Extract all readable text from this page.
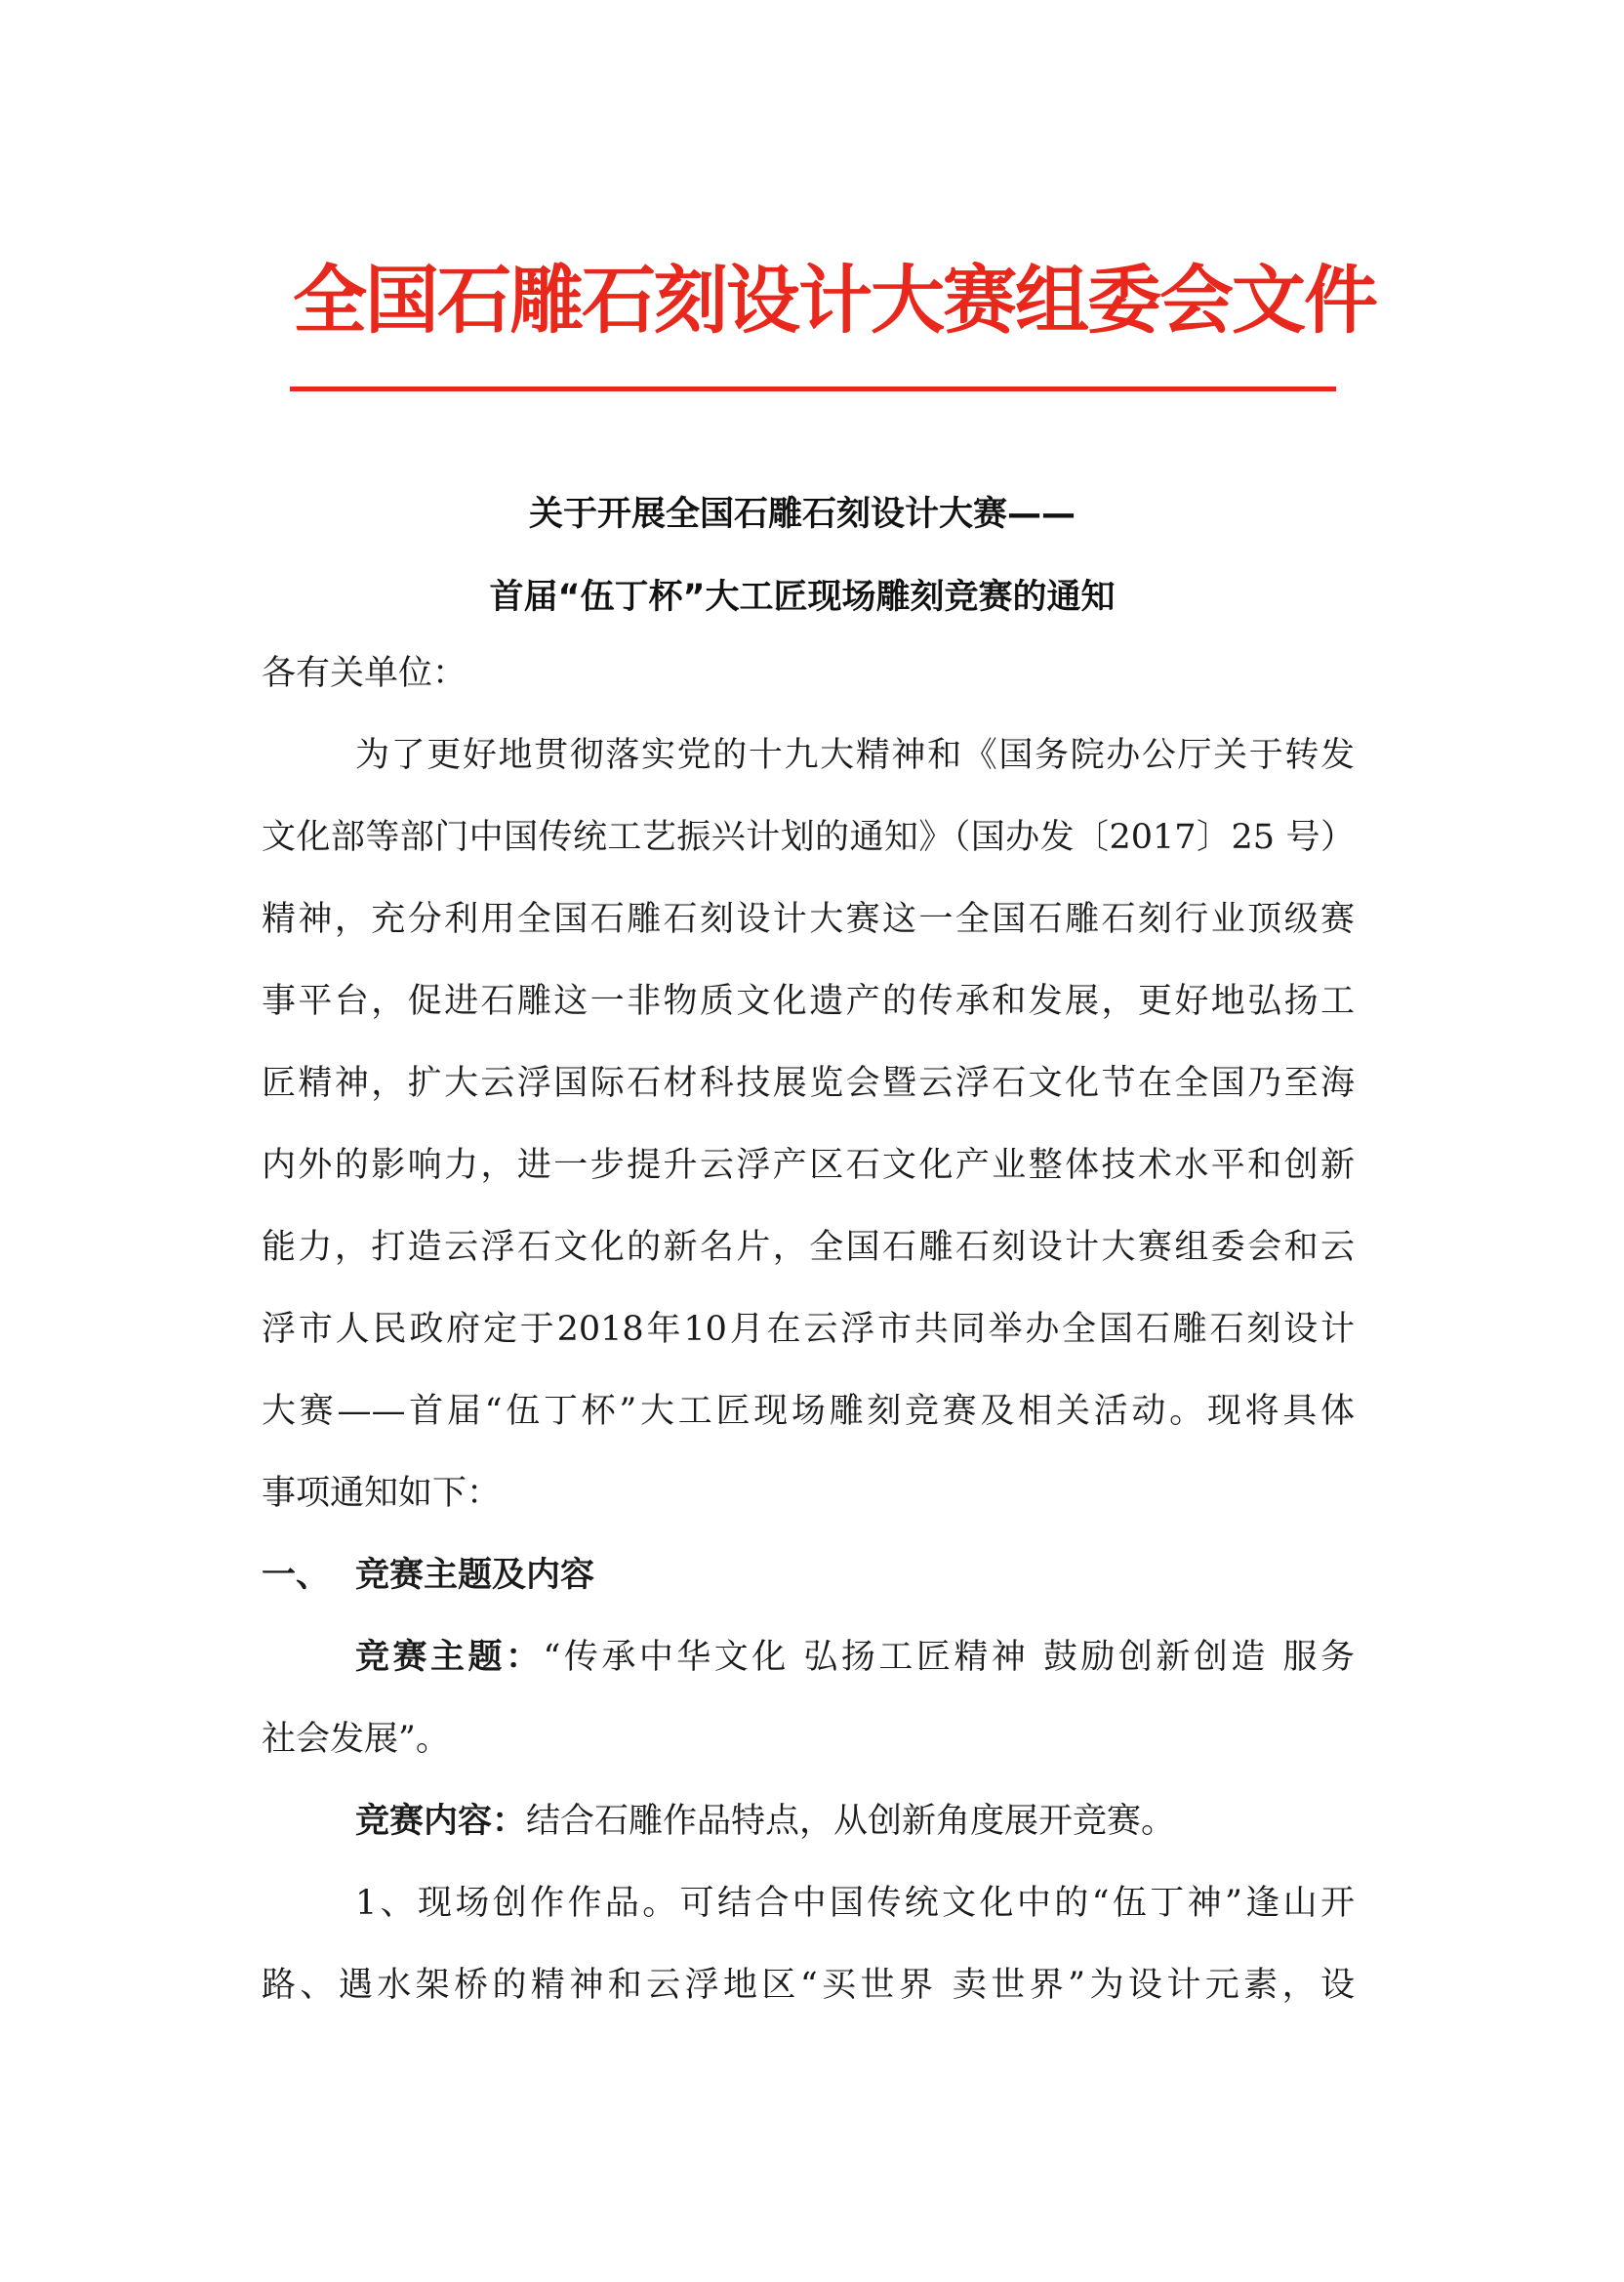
全国石雕石刻设计大赛组委会文件
关于开展全国石雕石刻设计大赛——
首届“伍丁杯”大工匠现场雕刻竞赛的通知
各有关单位：
为了更好地贯彻落实党的十九大精神和《国务院办公厅关于转发
文化部等部门中国传统工艺振兴计划的通知》（国办发〔2017〕25 号）
精神，充分利用全国石雕石刻设计大赛这一全国石雕石刻行业顶级赛
事平台，促进石雕这一非物质文化遗产的传承和发展，更好地弘扬工
匠精神，扩大云浮国际石材科技展览会暨云浮石文化节在全国乃至海
内外的影响力，进一步提升云浮产区石文化产业整体技术水平和创新
能力，打造云浮石文化的新名片，全国石雕石刻设计大赛组委会和云
浮市人民政府定于2018年10月在云浮市共同举办全国石雕石刻设计
大赛——首届“伍丁杯”大工匠现场雕刻竞赛及相关活动。现将具体
事项通知如下：
一、 竞赛主题及内容
竞赛主题：“传承中华文化 弘扬工匠精神 鼓励创新创造 服务
社会发展”。
竞赛内容：结合石雕作品特点，从创新角度展开竞赛。
1、现场创作作品。可结合中国传统文化中的“伍丁神”逢山开
路、遇水架桥的精神和云浮地区“买世界 卖世界”为设计元素，设
